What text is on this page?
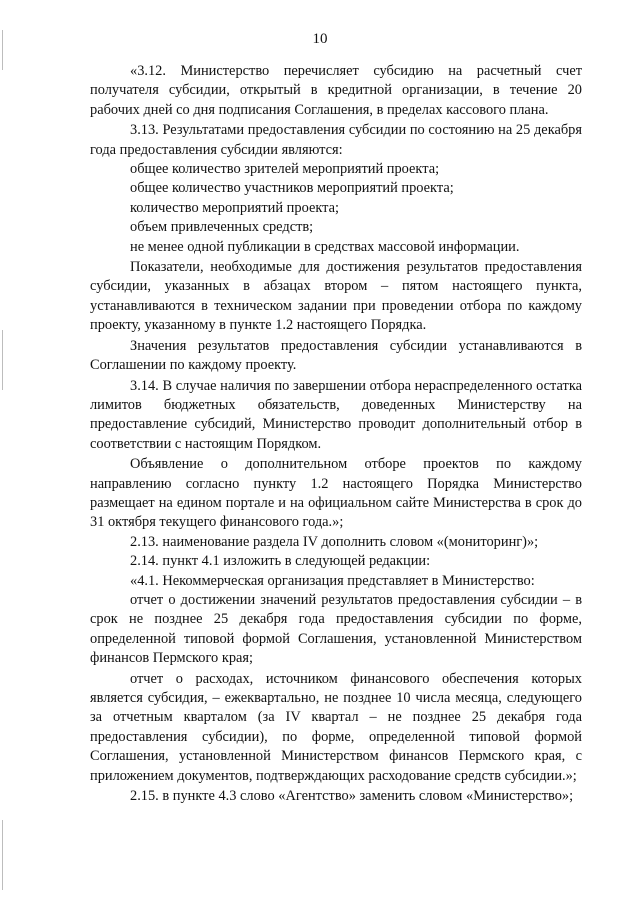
10

«3.12. Министерство перечисляет субсидию на расчетный счет получателя субсидии, открытый в кредитной организации, в течение 20 рабочих дней со дня подписания Соглашения, в пределах кассового плана.

3.13. Результатами предоставления субсидии по состоянию на 25 декабря года предоставления субсидии являются:

общее количество зрителей мероприятий проекта;

общее количество участников мероприятий проекта;

количество мероприятий проекта;

объем привлеченных средств;

не менее одной публикации в средствах массовой информации.

Показатели, необходимые для достижения результатов предоставления субсидии, указанных в абзацах втором – пятом настоящего пункта, устанавливаются в техническом задании при проведении отбора по каждому проекту, указанному в пункте 1.2 настоящего Порядка.

Значения результатов предоставления субсидии устанавливаются в Соглашении по каждому проекту.

3.14. В случае наличия по завершении отбора нераспределенного остатка лимитов бюджетных обязательств, доведенных Министерству на предоставление субсидий, Министерство проводит дополнительный отбор в соответствии с настоящим Порядком.

Объявление о дополнительном отборе проектов по каждому направлению согласно пункту 1.2 настоящего Порядка Министерство размещает на едином портале и на официальном сайте Министерства в срок до 31 октября текущего финансового года.»;

2.13. наименование раздела IV дополнить словом «(мониторинг)»;

2.14. пункт 4.1 изложить в следующей редакции:

«4.1. Некоммерческая организация представляет в Министерство:

отчет о достижении значений результатов предоставления субсидии – в срок не позднее 25 декабря года предоставления субсидии по форме, определенной типовой формой Соглашения, установленной Министерством финансов Пермского края;

отчет о расходах, источником финансового обеспечения которых является субсидия, – ежеквартально, не позднее 10 числа месяца, следующего за отчетным кварталом (за IV квартал – не позднее 25 декабря года предоставления субсидии), по форме, определенной типовой формой Соглашения, установленной Министерством финансов Пермского края, с приложением документов, подтверждающих расходование средств субсидии.»;

2.15. в пункте 4.3 слово «Агентство» заменить словом «Министерство»;
